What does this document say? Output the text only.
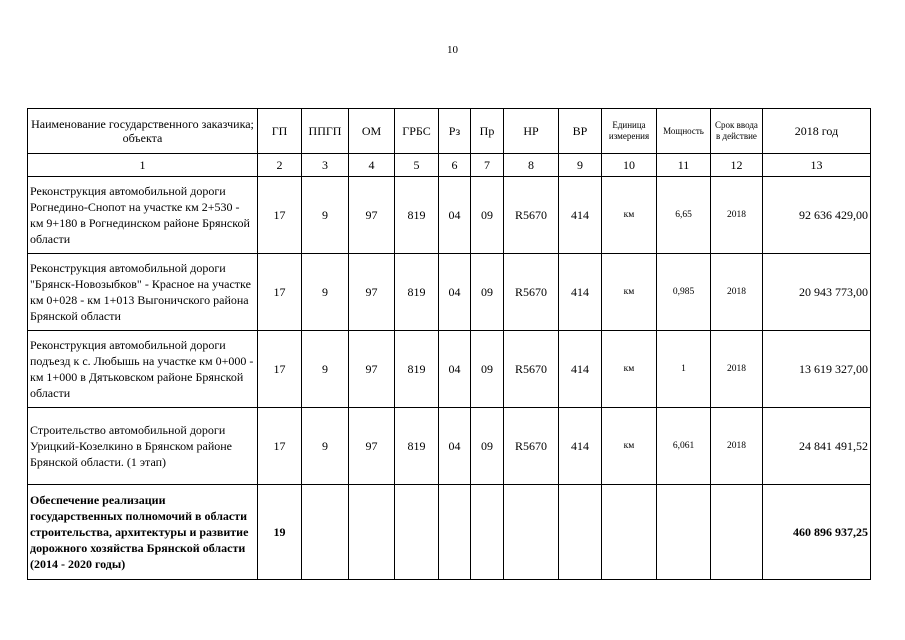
10
Наименование государственного заказчика; объекта	ГП	ППГП	ОМ	ГРБС	Рз	Пр	НР	ВР	Единица измерения	Мощность	Срок ввода в действие	2018 год
1	2	3	4	5	6	7	8	9	10	11	12	13
Реконструкция автомобильной дороги Рогнедино-Снопот на участке км 2+530 - км 9+180 в Рогнединском районе Брянской области	17	9	97	819	04	09	R5670	414	км	6,65	2018	92 636 429,00
Реконструкция автомобильной дороги "Брянск-Новозыбков" - Красное на участке км 0+028 - км 1+013 Выгоничского района Брянской области	17	9	97	819	04	09	R5670	414	км	0,985	2018	20 943 773,00
Реконструкция автомобильной дороги подъезд к с. Любышь на участке км 0+000 - км 1+000 в Дятьковском районе Брянской области	17	9	97	819	04	09	R5670	414	км	1	2018	13 619 327,00
Строительство автомобильной дороги Урицкий-Козелкино в Брянском районе Брянской области. (1 этап)	17	9	97	819	04	09	R5670	414	км	6,061	2018	24 841 491,52
Обеспечение реализации государственных полномочий в области строительства, архитектуры и развитие дорожного хозяйства Брянской области (2014 - 2020 годы)	19											460 896 937,25
